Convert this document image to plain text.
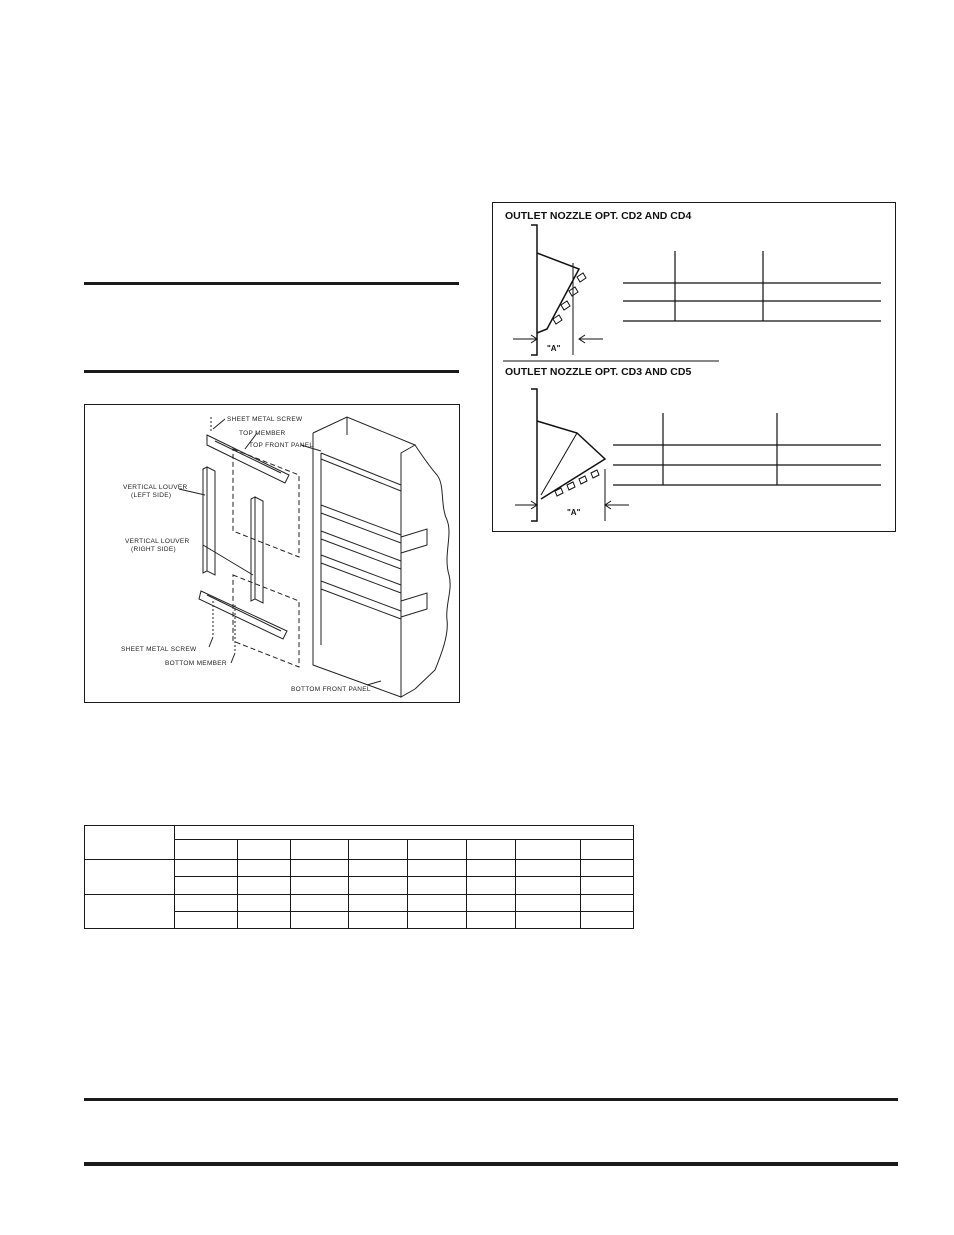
SHEET METAL SCREW
TOP MEMBER
TOP FRONT PANEL
VERTICAL LOUVER
(LEFT SIDE)
VERTICAL LOUVER
(RIGHT SIDE)
SHEET METAL SCREW
BOTTOM MEMBER
BOTTOM FRONT PANEL
OUTLET NOZZLE OPT. CD2 AND CD4
"A"
OUTLET NOZZLE OPT. CD3 AND CD5
"A"
